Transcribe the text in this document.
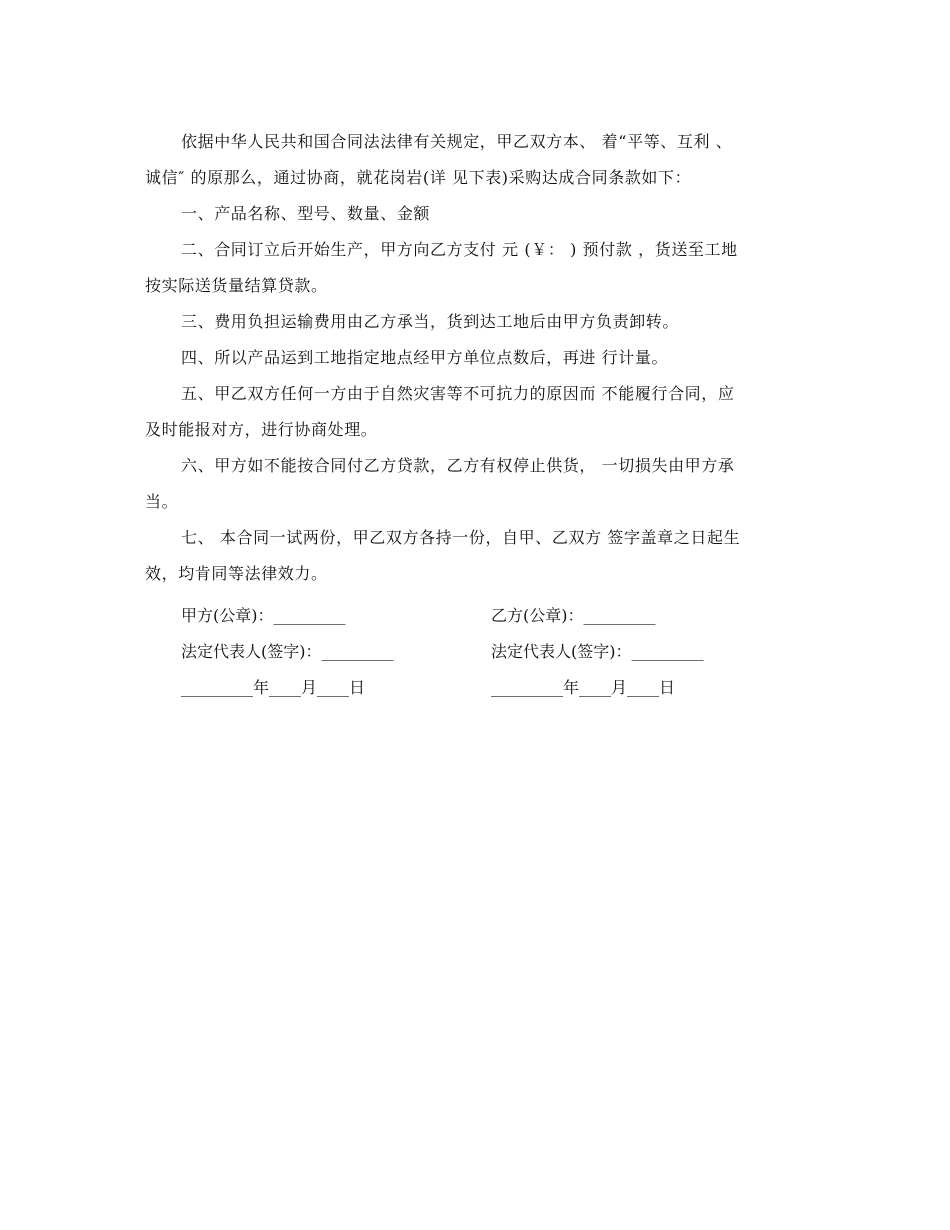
依据中华人民共和国合同法法律有关规定，甲乙双方本、 着“平等、互利 、
诚信″ 的原那么，通过协商，就花岗岩(详 见下表)采购达成合同条款如下：

一、产品名称、型号、数量、金额

二、合同订立后开始生产，甲方向乙方支付 元 (￥： ) 预付款 ，货送至工地
按实际送货量结算贷款。

三、费用负担运输费用由乙方承当，货到达工地后由甲方负责卸转。

四、所以产品运到工地指定地点经甲方单位点数后，再进 行计量。

五、甲乙双方任何一方由于自然灾害等不可抗力的原因而 不能履行合同，应
及时能报对方，进行协商处理。

六、甲方如不能按合同付乙方贷款，乙方有权停止供货， 一切损失由甲方承
当。

七、 本合同一试两份，甲乙双方各持一份，自甲、乙双方 签字盖章之日起生
效，均肯同等法律效力。

甲方(公章)：_________	乙方(公章)：_________
法定代表人(签字)：_________	法定代表人(签字)：_________
_________年____月____日	_________年____月____日
